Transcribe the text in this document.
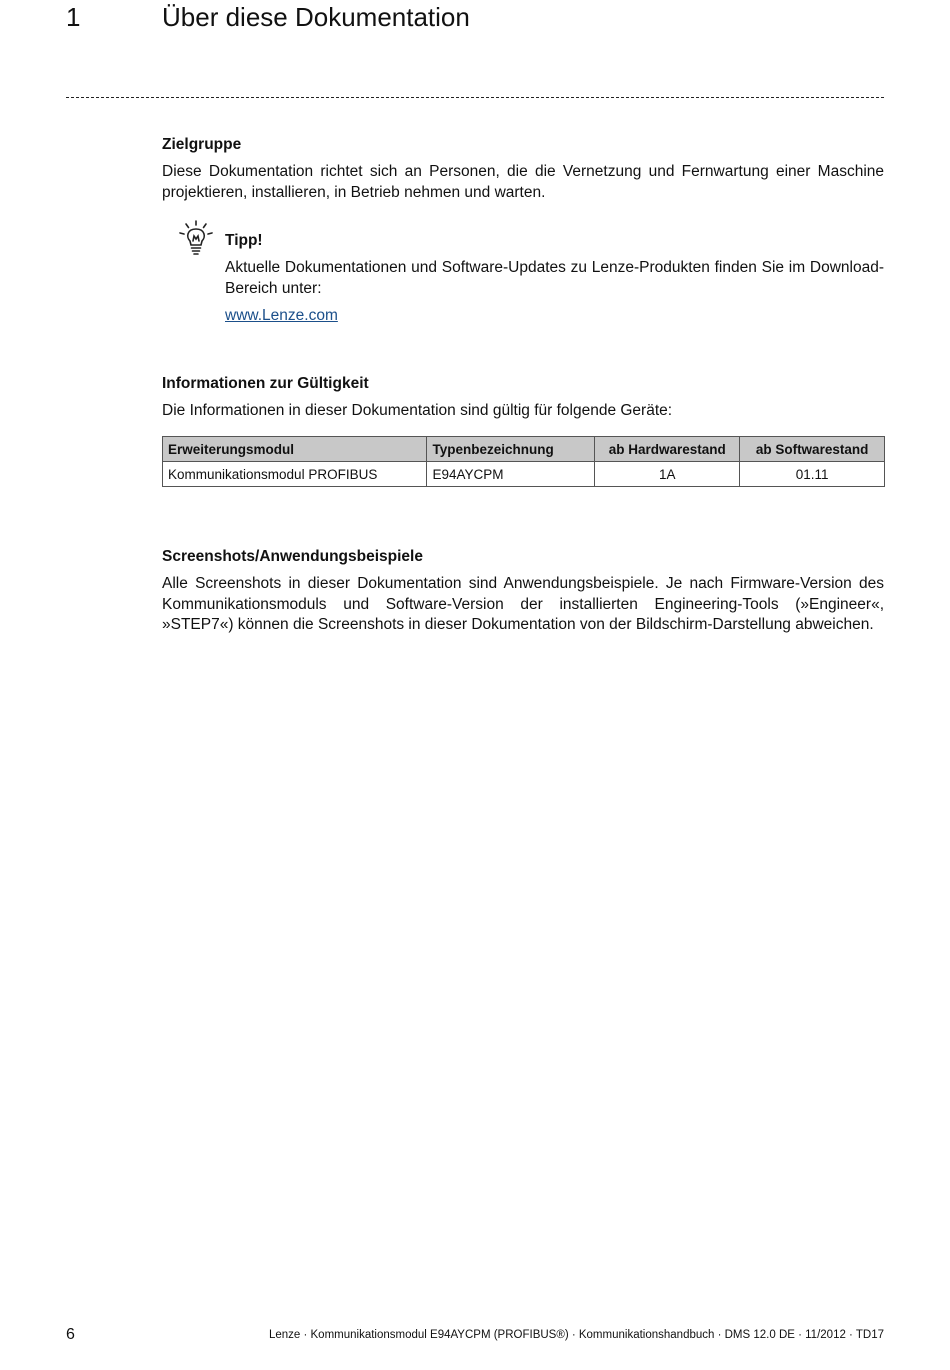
1	Über diese Dokumentation
Zielgruppe

Diese Dokumentation richtet sich an Personen, die die Vernetzung und Fernwartung einer Maschine projektieren, installieren, in Betrieb nehmen und warten.

Tipp!

Aktuelle Dokumentationen und Software-Updates zu Lenze-Produkten finden Sie im Download-Bereich unter:

www.Lenze.com
Informationen zur Gültigkeit

Die Informationen in dieser Dokumentation sind gültig für folgende Geräte:

Erweiterungsmodul	Typenbezeichnung	ab Hardwarestand	ab Softwarestand
Kommunikationsmodul PROFIBUS	E94AYCPM	1A	01.11
Screenshots/Anwendungsbeispiele

Alle Screenshots in dieser Dokumentation sind Anwendungsbeispiele. Je nach Firmware-Version des Kommunikationsmoduls und Software-Version der installierten Engineering-Tools (»Engineer«, »STEP7«) können die Screenshots in dieser Dokumentation von der Bildschirm-Darstellung abweichen.

6	Lenze · Kommunikationsmodul E94AYCPM (PROFIBUS®) · Kommunikationshandbuch · DMS 12.0 DE · 11/2012 · TD17
